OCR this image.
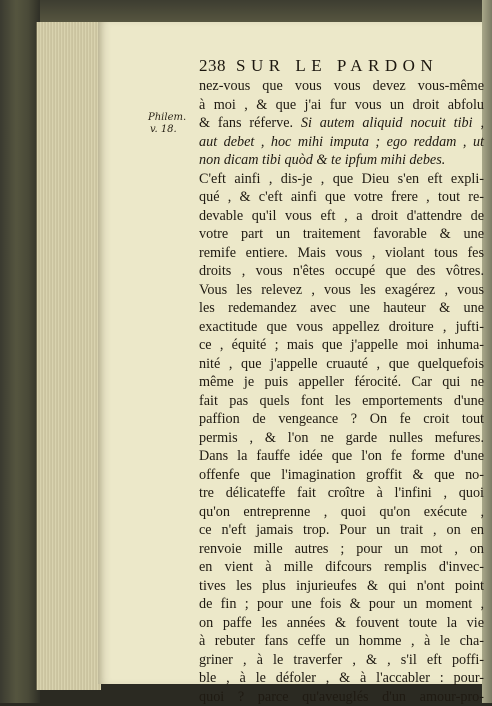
238 SUR LE PARDON
Philem.
v. 18.
nez-vous que vous vous devez vous-même
à moi , & que j'ai fur vous un droit abfolu
& fans réferve. Si autem aliquid nocuit tibi ,
aut debet , hoc mihi imputa ; ego reddam , ut
non dicam tibi quòd & te ipfum mihi debes.
C'eft ainfi , dis-je , que Dieu s'en eft expli-
qué , & c'eft ainfi que votre frere , tout re-
devable qu'il vous eft , a droit d'attendre de
votre part un traitement favorable & une
remife entiere. Mais vous , violant tous fes
droits , vous n'êtes occupé que des vôtres.
Vous les relevez , vous les exagérez , vous
les redemandez avec une hauteur & une
exactitude que vous appellez droiture , jufti-
ce , équité ; mais que j'appelle moi inhuma-
nité , que j'appelle cruauté , que quelquefois
même je puis appeller férocité. Car qui ne
fait pas quels font les emportements d'une
paffion de vengeance ? On fe croit tout
permis , & l'on ne garde nulles mefures.
Dans la fauffe idée que l'on fe forme d'une
offenfe que l'imagination groffit & que no-
tre délicateffe fait croître à l'infini , quoi
qu'on entreprenne , quoi qu'on exécute ,
ce n'eft jamais trop. Pour un trait , on en
renvoie mille autres ; pour un mot , on
en vient à mille difcours remplis d'invec-
tives les plus injurieufes & qui n'ont point
de fin ; pour une fois & pour un moment ,
on paffe les années & fouvent toute la vie
à rebuter fans ceffe un homme , à le cha-
griner , à le traverfer , & , s'il eft poffi-
ble , à le défoler , & à l'accabler : pour-
quoi ? parce qu'aveuglés d'un amour-pro-
